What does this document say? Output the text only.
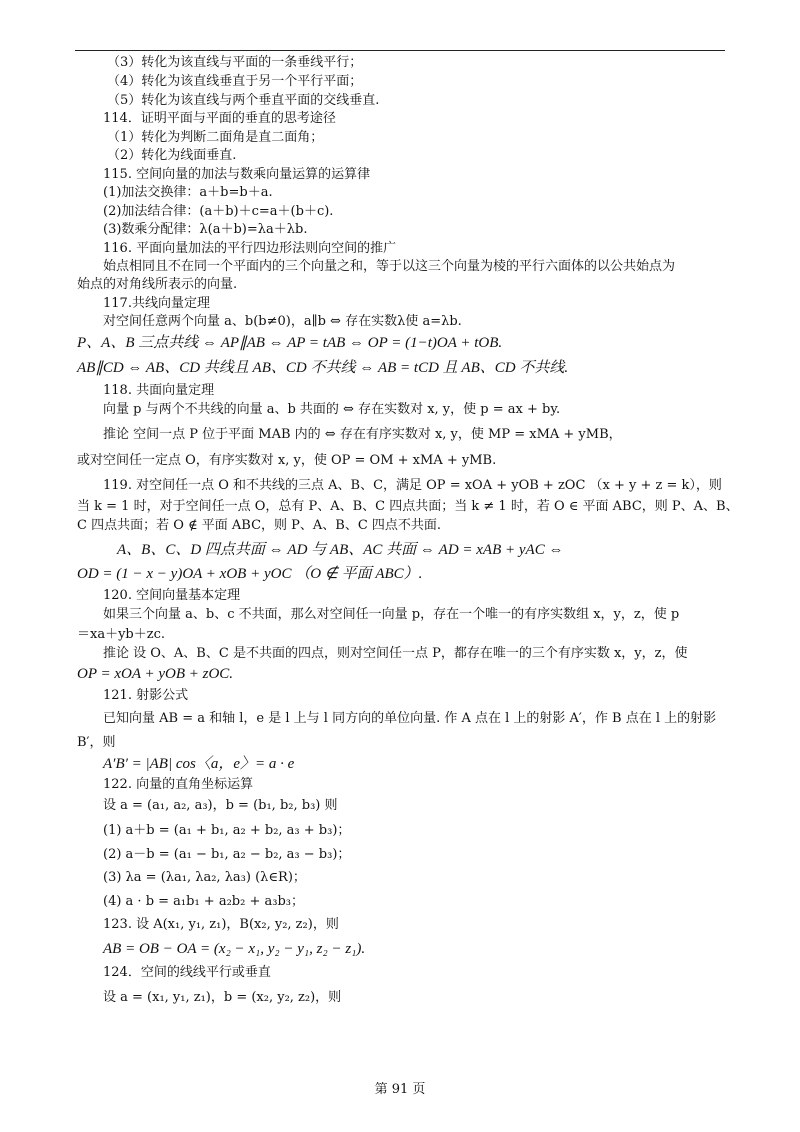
（3）转化为该直线与平面的一条垂线平行；
（4）转化为该直线垂直于另一个平行平面；
（5）转化为该直线与两个垂直平面的交线垂直.
114．证明平面与平面的垂直的思考途径
（1）转化为判断二面角是直二面角；
（2）转化为线面垂直.
115. 空间向量的加法与数乘向量运算的运算律
(1)加法交换律：a＋b=b＋a.
(2)加法结合律：(a＋b)＋c=a＋(b＋c).
(3)数乘分配律：λ(a＋b)=λa＋λb.
116. 平面向量加法的平行四边形法则向空间的推广
始点相同且不在同一个平面内的三个向量之和，等于以这三个向量为棱的平行六面体的以公共始点为
始点的对角线所表示的向量.
117.共线向量定理
对空间任意两个向量 a、b(b≠0)，a∥b ⇔ 存在实数λ使 a=λb.
P、A、B 三点共线 ⇔ AP∥AB ⇔ AP = tAB ⇔ OP = (1−t)OA + tOB.
AB∥CD ⇔ AB、CD 共线且 AB、CD 不共线 ⇔ AB = tCD 且 AB、CD 不共线.
118. 共面向量定理
向量 p 与两个不共线的向量 a、b 共面的 ⇔ 存在实数对 x, y，使 p = ax + by.
推论 空间一点 P 位于平面 MAB 内的 ⇔ 存在有序实数对 x, y，使 MP = xMA + yMB，
或对空间任一定点 O，有序实数对 x, y，使 OP = OM + xMA + yMB.
119. 对空间任一点 O 和不共线的三点 A、B、C，满足 OP = xOA + yOB + zOC （x + y + z = k），则
当 k = 1 时，对于空间任一点 O，总有 P、A、B、C 四点共面；当 k ≠ 1 时，若 O ∈ 平面 ABC，则 P、A、B、
C 四点共面；若 O ∉ 平面 ABC，则 P、A、B、C 四点不共面.
A、B、C、D 四点共面 ⇔ AD 与 AB、AC 共面 ⇔ AD = xAB + yAC ⇔
OD = (1 − x − y)OA + xOB + yOC （O ∉ 平面 ABC）.
120. 空间向量基本定理
如果三个向量 a、b、c 不共面，那么对空间任一向量 p，存在一个唯一的有序实数组 x，y，z，使 p
＝xa＋yb＋zc.
推论 设 O、A、B、C 是不共面的四点，则对空间任一点 P，都存在唯一的三个有序实数 x，y，z，使
OP = xOA + yOB + zOC.
121. 射影公式
已知向量 AB = a 和轴 l，e 是 l 上与 l 同方向的单位向量. 作 A 点在 l 上的射影 A′，作 B 点在 l 上的射影
B′，则
A′B′ = |AB| cos〈a，e〉= a · e
122. 向量的直角坐标运算
设 a = (a₁, a₂, a₃)，b = (b₁, b₂, b₃) 则
(1) a＋b = (a₁ + b₁, a₂ + b₂, a₃ + b₃)；
(2) a－b = (a₁ − b₁, a₂ − b₂, a₃ − b₃)；
(3) λa = (λa₁, λa₂, λa₃) (λ∈R)；
(4) a · b = a₁b₁ + a₂b₂ + a₃b₃；
123. 设 A(x₁, y₁, z₁)，B(x₂, y₂, z₂)，则
AB = OB − OA = (x₂ − x₁, y₂ − y₁, z₂ − z₁).
124．空间的线线平行或垂直
设 a = (x₁, y₁, z₁)，b = (x₂, y₂, z₂)，则
第 91 页
